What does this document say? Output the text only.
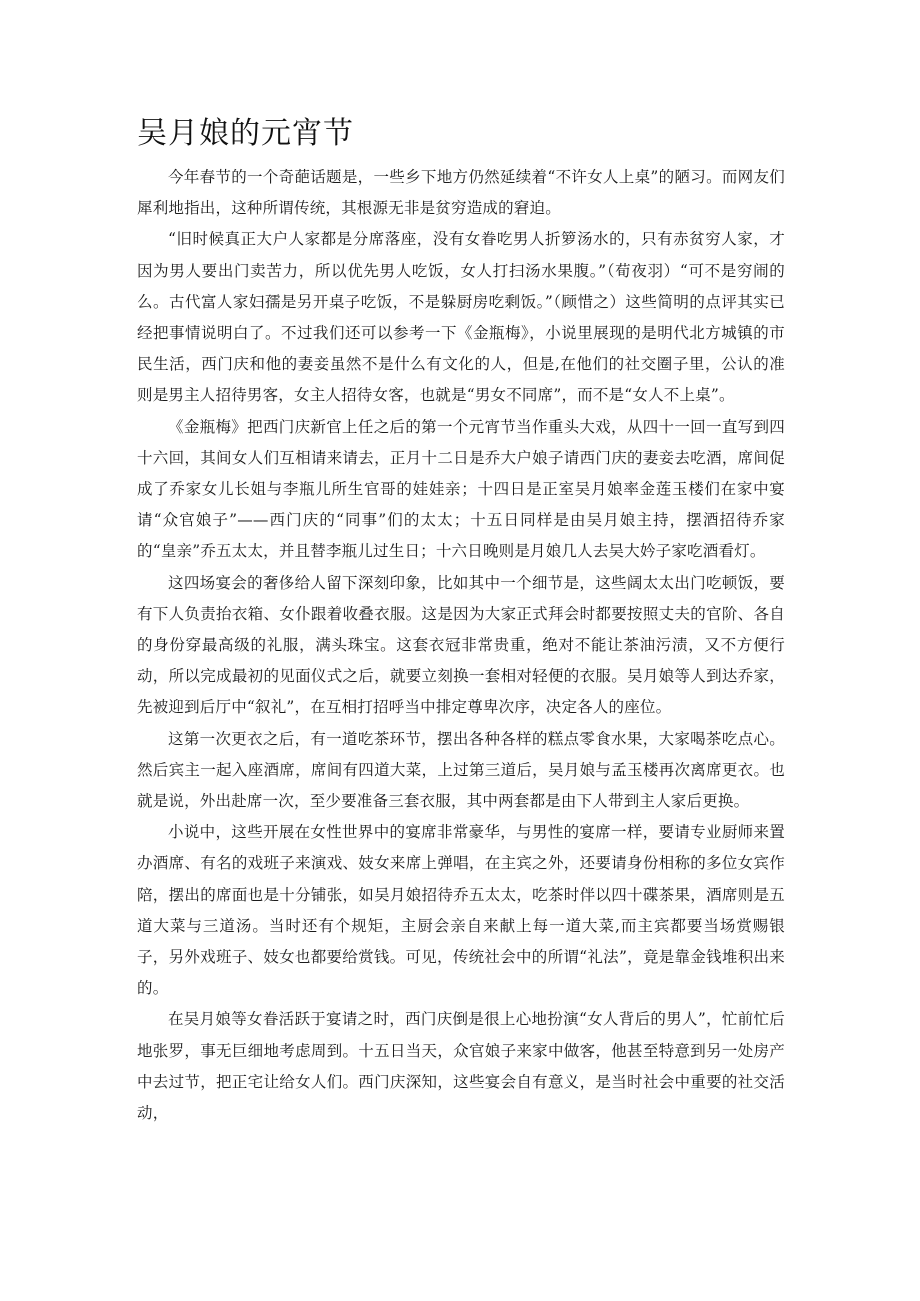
吴月娘的元宵节

今年春节的一个奇葩话题是，一些乡下地方仍然延续着“不许女人上桌”的陋习。而网友们犀利地指出，这种所谓传统，其根源无非是贫穷造成的窘迫。

“旧时候真正大户人家都是分席落座，没有女眷吃男人折箩汤水的，只有赤贫穷人家，才因为男人要出门卖苦力，所以优先男人吃饭，女人打扫汤水果腹。”（荀夜羽）“可不是穷闹的么。古代富人家妇孺是另开桌子吃饭，不是躲厨房吃剩饭。”（顾惜之）这些简明的点评其实已经把事情说明白了。不过我们还可以参考一下《金瓶梅》，小说里展现的是明代北方城镇的市民生活，西门庆和他的妻妾虽然不是什么有文化的人，但是,在他们的社交圈子里，公认的准则是男主人招待男客，女主人招待女客，也就是“男女不同席”，而不是“女人不上桌”。

《金瓶梅》把西门庆新官上任之后的第一个元宵节当作重头大戏，从四十一回一直写到四十六回，其间女人们互相请来请去，正月十二日是乔大户娘子请西门庆的妻妾去吃酒，席间促成了乔家女儿长姐与李瓶儿所生官哥的娃娃亲；十四日是正室吴月娘率金莲玉楼们在家中宴请“众官娘子”——西门庆的“同事”们的太太；十五日同样是由吴月娘主持，摆酒招待乔家的“皇亲”乔五太太，并且替李瓶儿过生日；十六日晚则是月娘几人去吴大妗子家吃酒看灯。

这四场宴会的奢侈给人留下深刻印象，比如其中一个细节是，这些阔太太出门吃顿饭，要有下人负责抬衣箱、女仆跟着收叠衣服。这是因为大家正式拜会时都要按照丈夫的官阶、各自的身份穿最高级的礼服，满头珠宝。这套衣冠非常贵重，绝对不能让茶油污渍，又不方便行动，所以完成最初的见面仪式之后，就要立刻换一套相对轻便的衣服。吴月娘等人到达乔家，先被迎到后厅中“叙礼”，在互相打招呼当中排定尊卑次序，决定各人的座位。

这第一次更衣之后，有一道吃茶环节，摆出各种各样的糕点零食水果，大家喝茶吃点心。然后宾主一起入座酒席，席间有四道大菜，上过第三道后，吴月娘与孟玉楼再次离席更衣。也就是说，外出赴席一次，至少要准备三套衣服，其中两套都是由下人带到主人家后更换。

小说中，这些开展在女性世界中的宴席非常豪华，与男性的宴席一样，要请专业厨师来置办酒席、有名的戏班子来演戏、妓女来席上弹唱，在主宾之外，还要请身份相称的多位女宾作陪，摆出的席面也是十分铺张，如吴月娘招待乔五太太，吃茶时伴以四十碟茶果，酒席则是五道大菜与三道汤。当时还有个规矩，主厨会亲自来献上每一道大菜,而主宾都要当场赏赐银子，另外戏班子、妓女也都要给赏钱。可见，传统社会中的所谓“礼法”，竟是靠金钱堆积出来的。

在吴月娘等女眷活跃于宴请之时，西门庆倒是很上心地扮演“女人背后的男人”，忙前忙后地张罗，事无巨细地考虑周到。十五日当天，众官娘子来家中做客，他甚至特意到另一处房产中去过节，把正宅让给女人们。西门庆深知，这些宴会自有意义，是当时社会中重要的社交活动，
